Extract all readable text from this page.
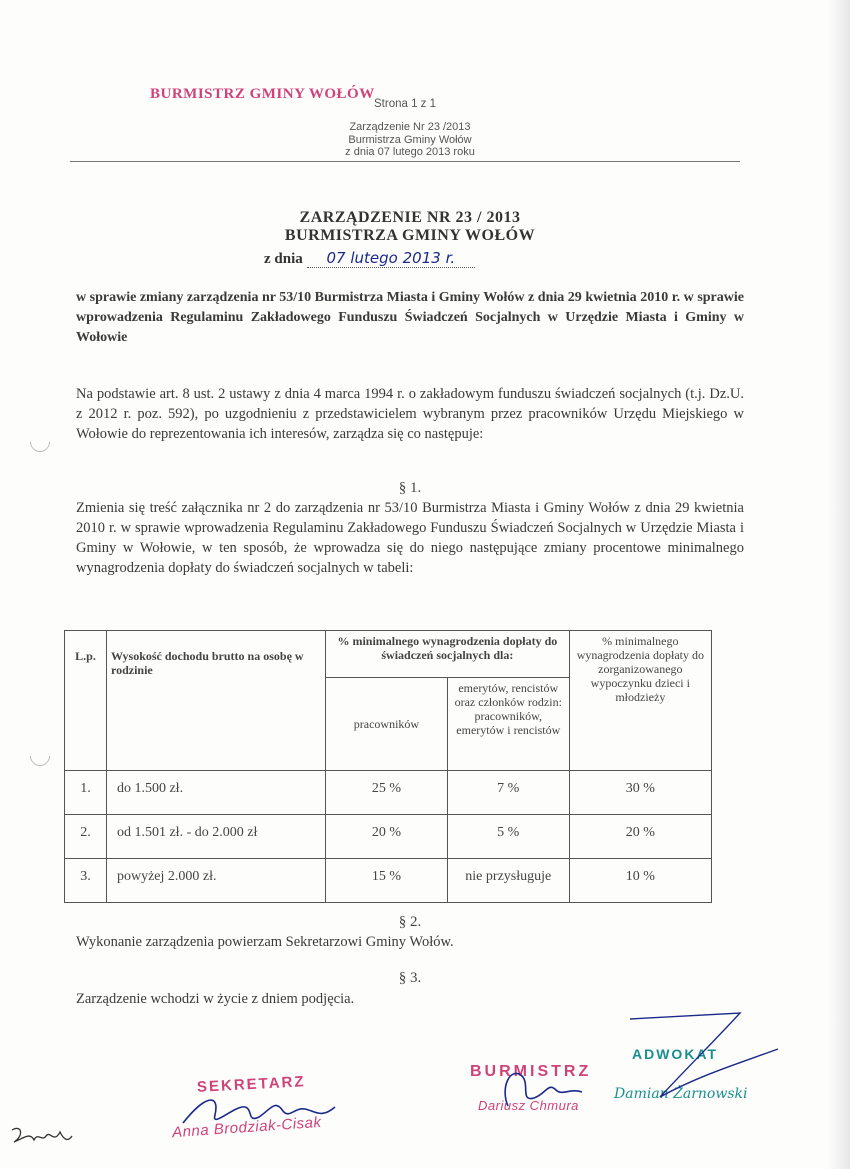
BURMISTRZ GMINY WOŁÓW
Strona 1 z 1
Zarządzenie Nr 23 /2013
Burmistrza Gminy Wołów
z dnia 07 lutego 2013 roku
ZARZĄDZENIE NR 23 / 2013
BURMISTRZA GMINY WOŁÓW
z dnia 07 lutego 2013 r.
w sprawie zmiany zarządzenia nr 53/10 Burmistrza Miasta i Gminy Wołów z dnia 29 kwietnia 2010 r. w sprawie wprowadzenia Regulaminu Zakładowego Funduszu Świadczeń Socjalnych w Urzędzie Miasta i Gminy w Wołowie
Na podstawie art. 8 ust. 2 ustawy z dnia 4 marca 1994 r. o zakładowym funduszu świadczeń socjalnych (t.j. Dz.U. z 2012 r. poz. 592), po uzgodnieniu z przedstawicielem wybranym przez pracowników Urzędu Miejskiego w Wołowie do reprezentowania ich interesów, zarządza się co następuje:
§ 1.
Zmienia się treść załącznika nr 2 do zarządzenia nr 53/10 Burmistrza Miasta i Gminy Wołów z dnia 29 kwietnia 2010 r. w sprawie wprowadzenia Regulaminu Zakładowego Funduszu Świadczeń Socjalnych w Urzędzie Miasta i Gminy w Wołowie, w ten sposób, że wprowadza się do niego następujące zmiany procentowe minimalnego wynagrodzenia dopłaty do świadczeń socjalnych w tabeli:
L.p.	Wysokość dochodu brutto na osobę w rodzinie	% minimalnego wynagrodzenia dopłaty do świadczeń socjalnych dla:		% minimalnego wynagrodzenia dopłaty do zorganizowanego wypoczynku dzieci i młodzieży
		pracowników	emerytów, rencistów oraz członków rodzin: pracowników, emerytów i rencistów	
1.	do 1.500 zł.	25 %	7 %	30 %
2.	od 1.501 zł. - do 2.000 zł	20 %	5 %	20 %
3.	powyżej 2.000 zł.	15 %	nie przysługuje	10 %
§ 2.
Wykonanie zarządzenia powierzam Sekretarzowi Gminy Wołów.
§ 3.
Zarządzenie wchodzi w życie z dniem podjęcia.
SEKRETARZ
Anna Brodziak-Cisak
BURMISTRZ
Dariusz Chmura
ADWOKAT
Damian Żarnowski
